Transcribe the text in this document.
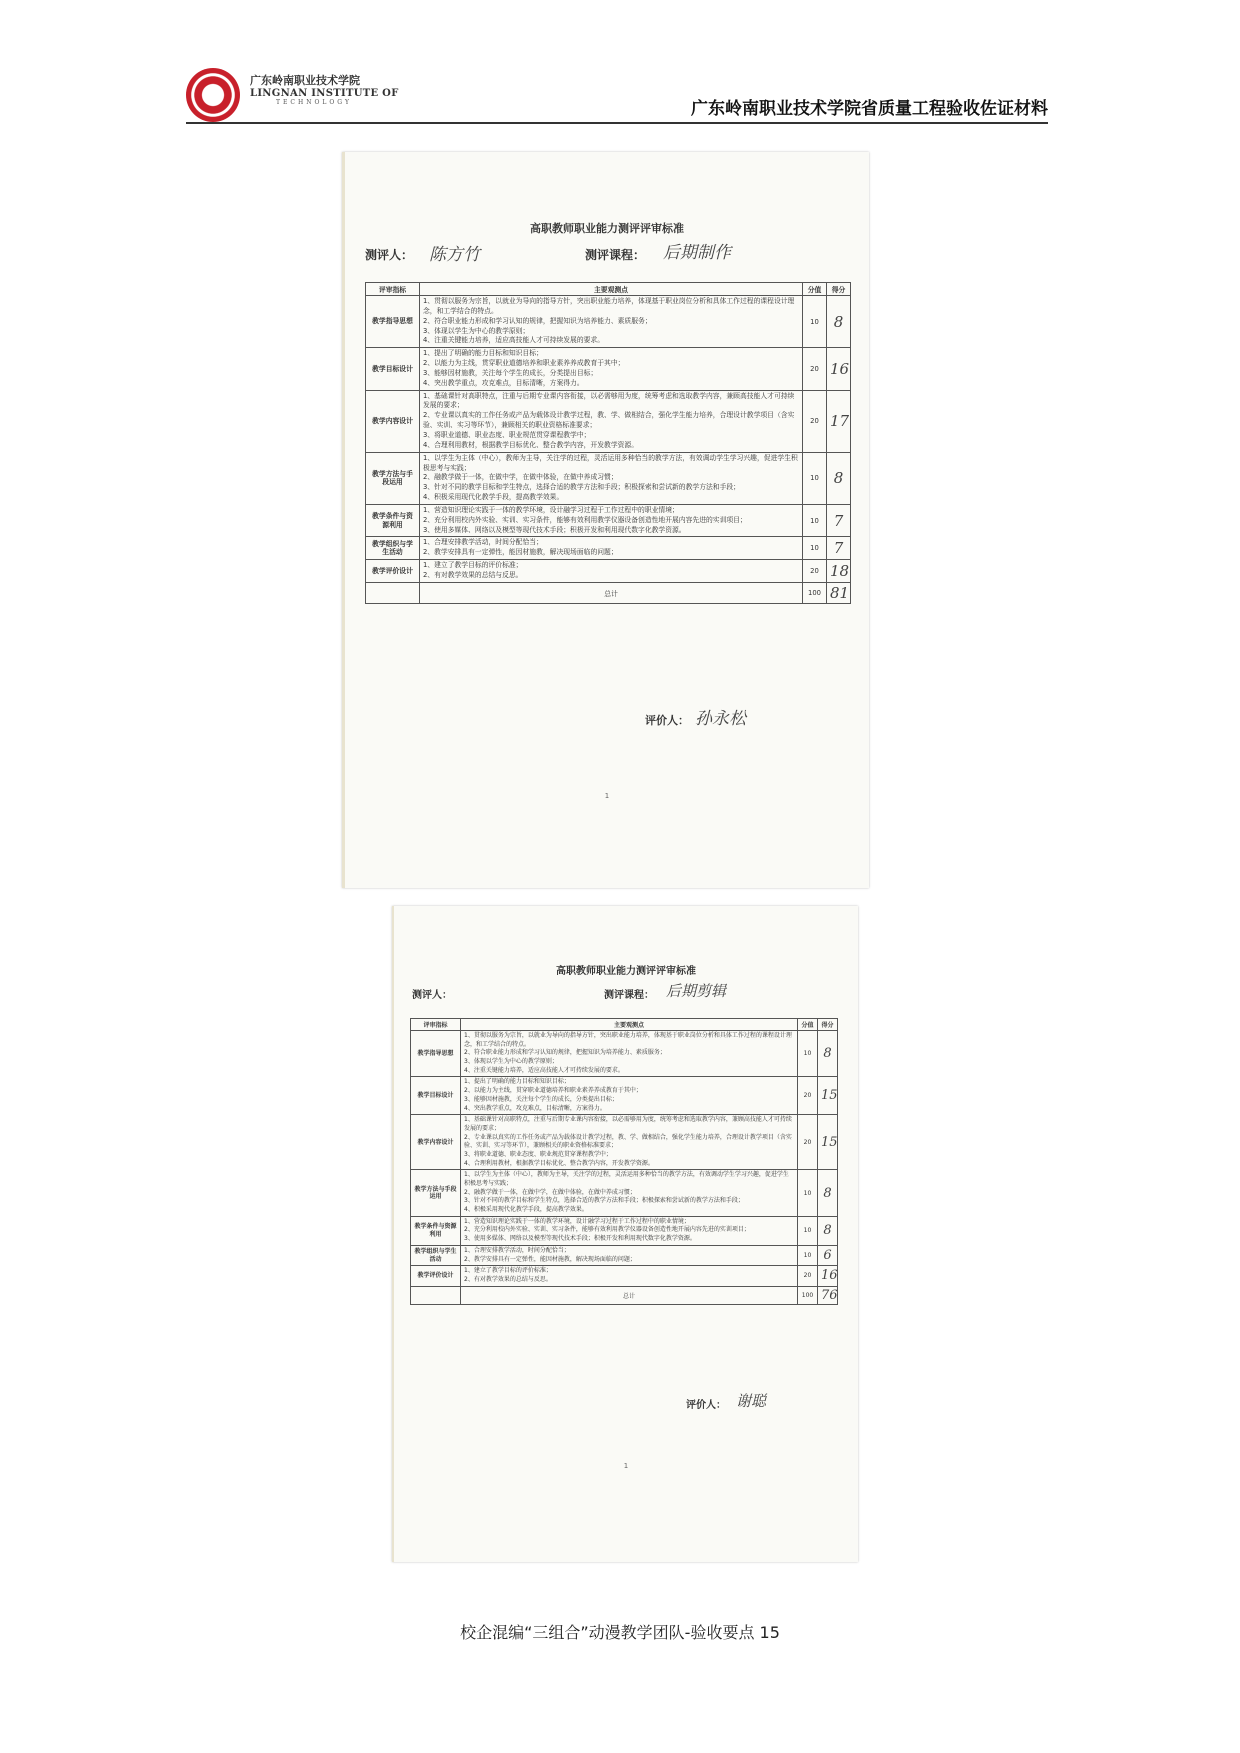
广东岭南职业技术学院
LINGNAN INSTITUTE OF
TECHNOLOGY	广东岭南职业技术学院省质量工程验收佐证材料
高职教师职业能力测评评审标准
测评人： 陈方竹	测评课程： 后期制作
评审指标	主要观测点	分值	得分
教学指导思想	1、贯彻以服务为宗旨，以就业为导向的指导方针，突出职业能力培养，体现基于职业岗位分析和具体工作过程的课程设计理念，和工学结合的特点。

2、符合职业能力形成和学习认知的规律，把握知识为培养能力、素质服务；

3、体现以学生为中心的教学原则；

4、注重关键能力培养，适应高技能人才可持续发展的要求。	10	8
教学目标设计	1、提出了明确的能力目标和知识目标；

2、以能力为主线，贯穿职业道德培养和职业素养养成教育于其中；

3、能够因材施教，关注每个学生的成长，分类提出目标；

4、突出教学重点，攻克难点，目标清晰，方案得力。	20	16
教学内容设计	1、基础课针对高职特点，注重与后期专业课内容衔接，以必需够用为度，统筹考虑和选取教学内容，兼顾高技能人才可持续发展的要求；

2、专业课以真实的工作任务或产品为载体设计教学过程，教、学、做相结合，强化学生能力培养，合理设计教学项目（含实验、实训、实习等环节），兼顾相关的职业资格标准要求；

3、将职业道德、职业态度、职业规范贯穿课程教学中；

4、合理利用教材，根据教学目标优化、整合教学内容，开发教学资源。	20	17
教学方法与手段运用	1、以学生为主体（中心），教师为主导，关注学的过程，灵活运用多种恰当的教学方法，有效调动学生学习兴趣，促进学生积极思考与实践；

2、融教学做于一体，在做中学，在做中体验，在做中养成习惯；

3、针对不同的教学目标和学生特点，选择合适的教学方法和手段；积极探索和尝试新的教学方法和手段；

4、积极采用现代化教学手段，提高教学效果。	10	8
教学条件与资源利用	1、营造知识理论实践于一体的教学环境，设计融学习过程于工作过程中的职业情境；

2、充分利用校内外实验、实训、实习条件，能够有效利用教学仪器设备创造性地开展内容先进的实训项目；

3、使用多媒体、网络以及模型等现代技术手段；积极开发和利用现代数字化教学资源。	10	7
教学组织与学生活动	1、合理安排教学活动，时间分配恰当；

2、教学安排具有一定弹性，能因材施教，解决现场面临的问题；	10	7
教学评价设计	1、建立了教学目标的评价标准；

2、有对教学效果的总结与反思。	20	18
	总计	100	81
评价人： 孙永松
1
高职教师职业能力测评评审标准
测评人：	测评课程： 后期剪辑
评审指标	主要观测点	分值	得分
教学指导思想	1、贯彻以服务为宗旨，以就业为导向的指导方针，突出职业能力培养，体现基于职业岗位分析和具体工作过程的课程设计理念，和工学结合的特点。

2、符合职业能力形成和学习认知的规律，把握知识为培养能力、素质服务；

3、体现以学生为中心的教学原则；

4、注重关键能力培养，适应高技能人才可持续发展的要求。	10	8
教学目标设计	1、提出了明确的能力目标和知识目标；

2、以能力为主线，贯穿职业道德培养和职业素养养成教育于其中；

3、能够因材施教，关注每个学生的成长，分类提出目标；

4、突出教学重点，攻克难点，目标清晰，方案得力。	20	15
教学内容设计	1、基础课针对高职特点，注重与后期专业课内容衔接，以必需够用为度，统筹考虑和选取教学内容，兼顾高技能人才可持续发展的要求；

2、专业课以真实的工作任务或产品为载体设计教学过程，教、学、做相结合，强化学生能力培养，合理设计教学项目（含实验、实训、实习等环节），兼顾相关的职业资格标准要求；

3、将职业道德、职业态度、职业规范贯穿课程教学中；

4、合理利用教材，根据教学目标优化、整合教学内容，开发教学资源。	20	15
教学方法与手段运用	1、以学生为主体（中心），教师为主导，关注学的过程，灵活运用多种恰当的教学方法，有效调动学生学习兴趣，促进学生积极思考与实践；

2、融教学做于一体，在做中学，在做中体验，在做中养成习惯；

3、针对不同的教学目标和学生特点，选择合适的教学方法和手段；积极探索和尝试新的教学方法和手段；

4、积极采用现代化教学手段，提高教学效果。	10	8
教学条件与资源利用	1、营造知识理论实践于一体的教学环境，设计融学习过程于工作过程中的职业情境；

2、充分利用校内外实验、实训、实习条件，能够有效利用教学仪器设备创造性地开展内容先进的实训项目；

3、使用多媒体、网络以及模型等现代技术手段；积极开发和利用现代数字化教学资源。	10	8
教学组织与学生活动	1、合理安排教学活动，时间分配恰当；

2、教学安排具有一定弹性，能因材施教，解决现场面临的问题；	10	6
教学评价设计	1、建立了教学目标的评价标准；

2、有对教学效果的总结与反思。	20	16
	总计	100	76
评价人： 谢聪
1
校企混编“三组合”动漫教学团队-验收要点 15
